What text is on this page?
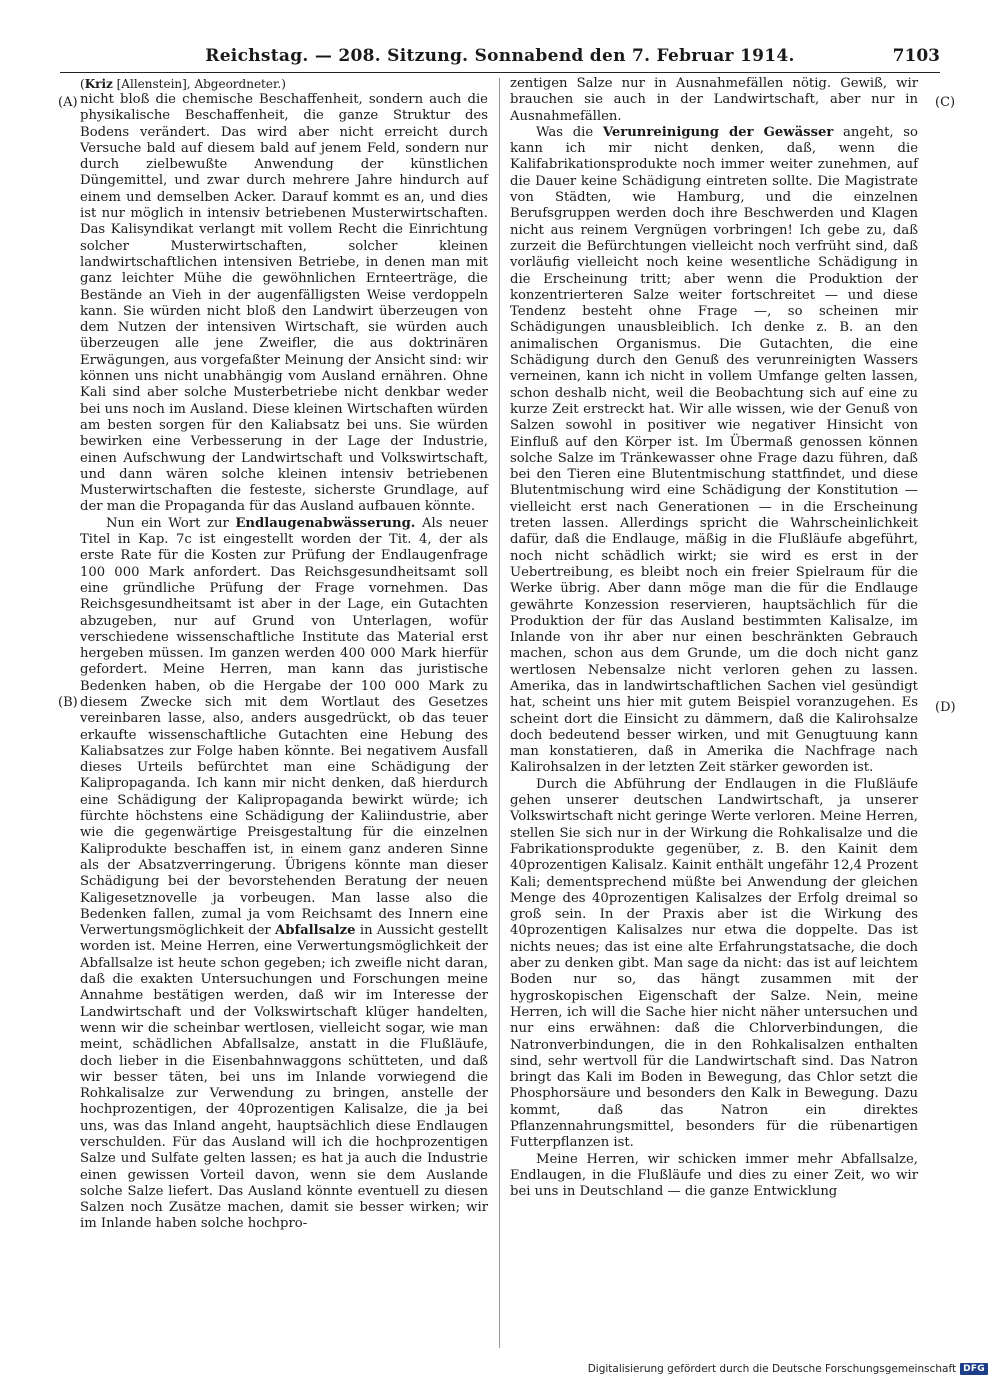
Reichstag. — 208. Sitzung. Sonnabend den 7. Februar 1914.	7103
(A)
(B)
(C)
(D)

(Kriz [Allenstein], Abgeordneter.)

nicht bloß die chemische Beschaffenheit, sondern auch die physikalische Beschaffenheit, die ganze Struktur des Bodens verändert. Das wird aber nicht erreicht durch Versuche bald auf diesem bald auf jenem Feld, sondern nur durch zielbewußte Anwendung der künstlichen Düngemittel, und zwar durch mehrere Jahre hindurch auf einem und demselben Acker. Darauf kommt es an, und dies ist nur möglich in intensiv betriebenen Musterwirtschaften. Das Kalisyndikat verlangt mit vollem Recht die Einrichtung solcher Musterwirtschaften, solcher kleinen landwirtschaftlichen intensiven Betriebe, in denen man mit ganz leichter Mühe die gewöhnlichen Ernteerträge, die Bestände an Vieh in der augenfälligsten Weise verdoppeln kann. Sie würden nicht bloß den Landwirt überzeugen von dem Nutzen der intensiven Wirtschaft, sie würden auch überzeugen alle jene Zweifler, die aus doktrinären Erwägungen, aus vorgefaßter Meinung der Ansicht sind: wir können uns nicht unabhängig vom Ausland ernähren. Ohne Kali sind aber solche Musterbetriebe nicht denkbar weder bei uns noch im Ausland. Diese kleinen Wirtschaften würden am besten sorgen für den Kaliabsatz bei uns. Sie würden bewirken eine Verbesserung in der Lage der Industrie, einen Aufschwung der Landwirtschaft und Volkswirtschaft, und dann wären solche kleinen intensiv betriebenen Musterwirtschaften die festeste, sicherste Grundlage, auf der man die Propaganda für das Ausland aufbauen könnte.

Nun ein Wort zur Endlaugenabwässerung. Als neuer Titel in Kap. 7c ist eingestellt worden der Tit. 4, der als erste Rate für die Kosten zur Prüfung der Endlaugenfrage 100 000 Mark anfordert. Das Reichsgesundheitsamt soll eine gründliche Prüfung der Frage vornehmen. Das Reichsgesundheitsamt ist aber in der Lage, ein Gutachten abzugeben, nur auf Grund von Unterlagen, wofür verschiedene wissenschaftliche Institute das Material erst hergeben müssen. Im ganzen werden 400 000 Mark hierfür gefordert. Meine Herren, man kann das juristische Bedenken haben, ob die Hergabe der 100 000 Mark zu diesem Zwecke sich mit dem Wortlaut des Gesetzes vereinbaren lasse, also, anders ausgedrückt, ob das teuer erkaufte wissenschaftliche Gutachten eine Hebung des Kaliabsatzes zur Folge haben könnte. Bei negativem Ausfall dieses Urteils befürchtet man eine Schädigung der Kalipropaganda. Ich kann mir nicht denken, daß hierdurch eine Schädigung der Kalipropaganda bewirkt würde; ich fürchte höchstens eine Schädigung der Kaliindustrie, aber wie die gegenwärtige Preisgestaltung für die einzelnen Kaliprodukte beschaffen ist, in einem ganz anderen Sinne als der Absatzverringerung. Übrigens könnte man dieser Schädigung bei der bevorstehenden Beratung der neuen Kaligesetznovelle ja vorbeugen. Man lasse also die Bedenken fallen, zumal ja vom Reichsamt des Innern eine Verwertungsmöglichkeit der Abfallsalze in Aussicht gestellt worden ist. Meine Herren, eine Verwertungsmöglichkeit der Abfallsalze ist heute schon gegeben; ich zweifle nicht daran, daß die exakten Untersuchungen und Forschungen meine Annahme bestätigen werden, daß wir im Interesse der Landwirtschaft und der Volkswirtschaft klüger handelten, wenn wir die scheinbar wertlosen, vielleicht sogar, wie man meint, schädlichen Abfallsalze, anstatt in die Flußläufe, doch lieber in die Eisenbahnwaggons schütteten, und daß wir besser täten, bei uns im Inlande vorwiegend die Rohkalisalze zur Verwendung zu bringen, anstelle der hochprozentigen, der 40prozentigen Kalisalze, die ja bei uns, was das Inland angeht, hauptsächlich diese Endlaugen verschulden. Für das Ausland will ich die hochprozentigen Salze und Sulfate gelten lassen; es hat ja auch die Industrie einen gewissen Vorteil davon, wenn sie dem Auslande solche Salze liefert. Das Ausland könnte eventuell zu diesen Salzen noch Zusätze machen, damit sie besser wirken; wir im Inlande haben solche hochpro-

zentigen Salze nur in Ausnahmefällen nötig. Gewiß, wir brauchen sie auch in der Landwirtschaft, aber nur in Ausnahmefällen.

Was die Verunreinigung der Gewässer angeht, so kann ich mir nicht denken, daß, wenn die Kalifabrikationsprodukte noch immer weiter zunehmen, auf die Dauer keine Schädigung eintreten sollte. Die Magistrate von Städten, wie Hamburg, und die einzelnen Berufsgruppen werden doch ihre Beschwerden und Klagen nicht aus reinem Vergnügen vorbringen! Ich gebe zu, daß zurzeit die Befürchtungen vielleicht noch verfrüht sind, daß vorläufig vielleicht noch keine wesentliche Schädigung in die Erscheinung tritt; aber wenn die Produktion der konzentrierteren Salze weiter fortschreitet — und diese Tendenz besteht ohne Frage —, so scheinen mir Schädigungen unausbleiblich. Ich denke z. B. an den animalischen Organismus. Die Gutachten, die eine Schädigung durch den Genuß des verunreinigten Wassers verneinen, kann ich nicht in vollem Umfange gelten lassen, schon deshalb nicht, weil die Beobachtung sich auf eine zu kurze Zeit erstreckt hat. Wir alle wissen, wie der Genuß von Salzen sowohl in positiver wie negativer Hinsicht von Einfluß auf den Körper ist. Im Übermaß genossen können solche Salze im Tränkewasser ohne Frage dazu führen, daß bei den Tieren eine Blutentmischung stattfindet, und diese Blutentmischung wird eine Schädigung der Konstitution — vielleicht erst nach Generationen — in die Erscheinung treten lassen. Allerdings spricht die Wahrscheinlichkeit dafür, daß die Endlauge, mäßig in die Flußläufe abgeführt, noch nicht schädlich wirkt; sie wird es erst in der Uebertreibung, es bleibt noch ein freier Spielraum für die Werke übrig. Aber dann möge man die für die Endlauge gewährte Konzession reservieren, hauptsächlich für die Produktion der für das Ausland bestimmten Kalisalze, im Inlande von ihr aber nur einen beschränkten Gebrauch machen, schon aus dem Grunde, um die doch nicht ganz wertlosen Nebensalze nicht verloren gehen zu lassen. Amerika, das in landwirtschaftlichen Sachen viel gesündigt hat, scheint uns hier mit gutem Beispiel voranzugehen. Es scheint dort die Einsicht zu dämmern, daß die Kalirohsalze doch bedeutend besser wirken, und mit Genugtuung kann man konstatieren, daß in Amerika die Nachfrage nach Kalirohsalzen in der letzten Zeit stärker geworden ist.

Durch die Abführung der Endlaugen in die Flußläufe gehen unserer deutschen Landwirtschaft, ja unserer Volkswirtschaft nicht geringe Werte verloren. Meine Herren, stellen Sie sich nur in der Wirkung die Rohkalisalze und die Fabrikationsprodukte gegenüber, z. B. den Kainit dem 40prozentigen Kalisalz. Kainit enthält ungefähr 12,4 Prozent Kali; dementsprechend müßte bei Anwendung der gleichen Menge des 40prozentigen Kalisalzes der Erfolg dreimal so groß sein. In der Praxis aber ist die Wirkung des 40prozentigen Kalisalzes nur etwa die doppelte. Das ist nichts neues; das ist eine alte Erfahrungstatsache, die doch aber zu denken gibt. Man sage da nicht: das ist auf leichtem Boden nur so, das hängt zusammen mit der hygroskopischen Eigenschaft der Salze. Nein, meine Herren, ich will die Sache hier nicht näher untersuchen und nur eins erwähnen: daß die Chlorverbindungen, die Natronverbindungen, die in den Rohkalisalzen enthalten sind, sehr wertvoll für die Landwirtschaft sind. Das Natron bringt das Kali im Boden in Bewegung, das Chlor setzt die Phosphorsäure und besonders den Kalk in Bewegung. Dazu kommt, daß das Natron ein direktes Pflanzennahrungsmittel, besonders für die rübenartigen Futterpflanzen ist.

Meine Herren, wir schicken immer mehr Abfallsalze, Endlaugen, in die Flußläufe und dies zu einer Zeit, wo wir bei uns in Deutschland — die ganze Entwicklung

Digitalisierung gefördert durch die Deutsche Forschungsgemeinschaft DFG
